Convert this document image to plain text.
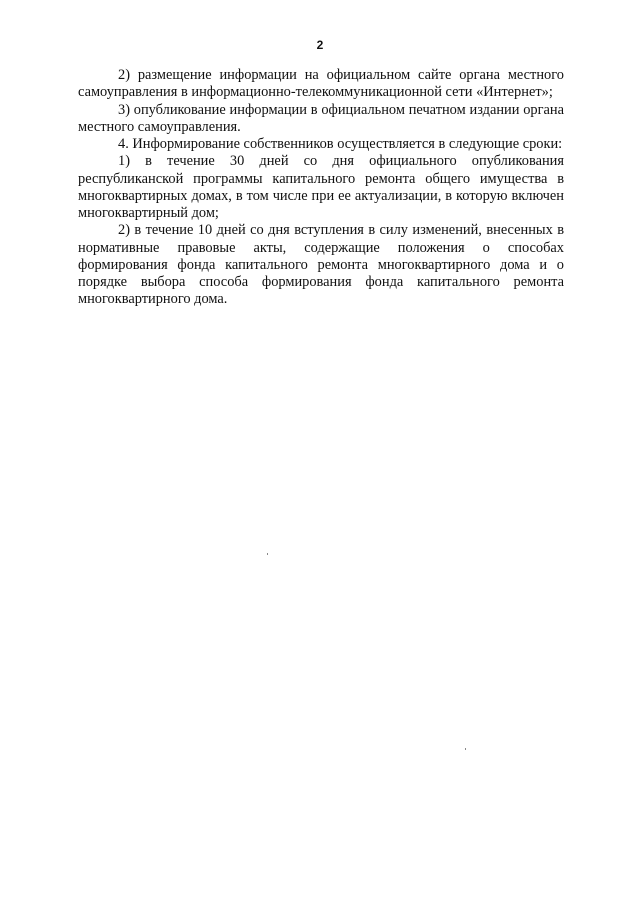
2

2) размещение информации на официальном сайте органа местного самоуправления в информационно-телекоммуникационной сети «Интернет»;

3) опубликование информации в официальном печатном издании органа местного самоуправления.

4. Информирование собственников осуществляется в следующие сроки:

1) в течение 30 дней со дня официального опубликования республиканской программы капитального ремонта общего имущества в многоквартирных домах, в том числе при ее актуализации, в которую включен многоквартирный дом;

2) в течение 10 дней со дня вступления в силу изменений, внесенных в нормативные правовые акты, содержащие положения о способах формирования фонда капитального ремонта многоквартирного дома и о порядке выбора способа формирования фонда капитального ремонта многоквартирного дома.
